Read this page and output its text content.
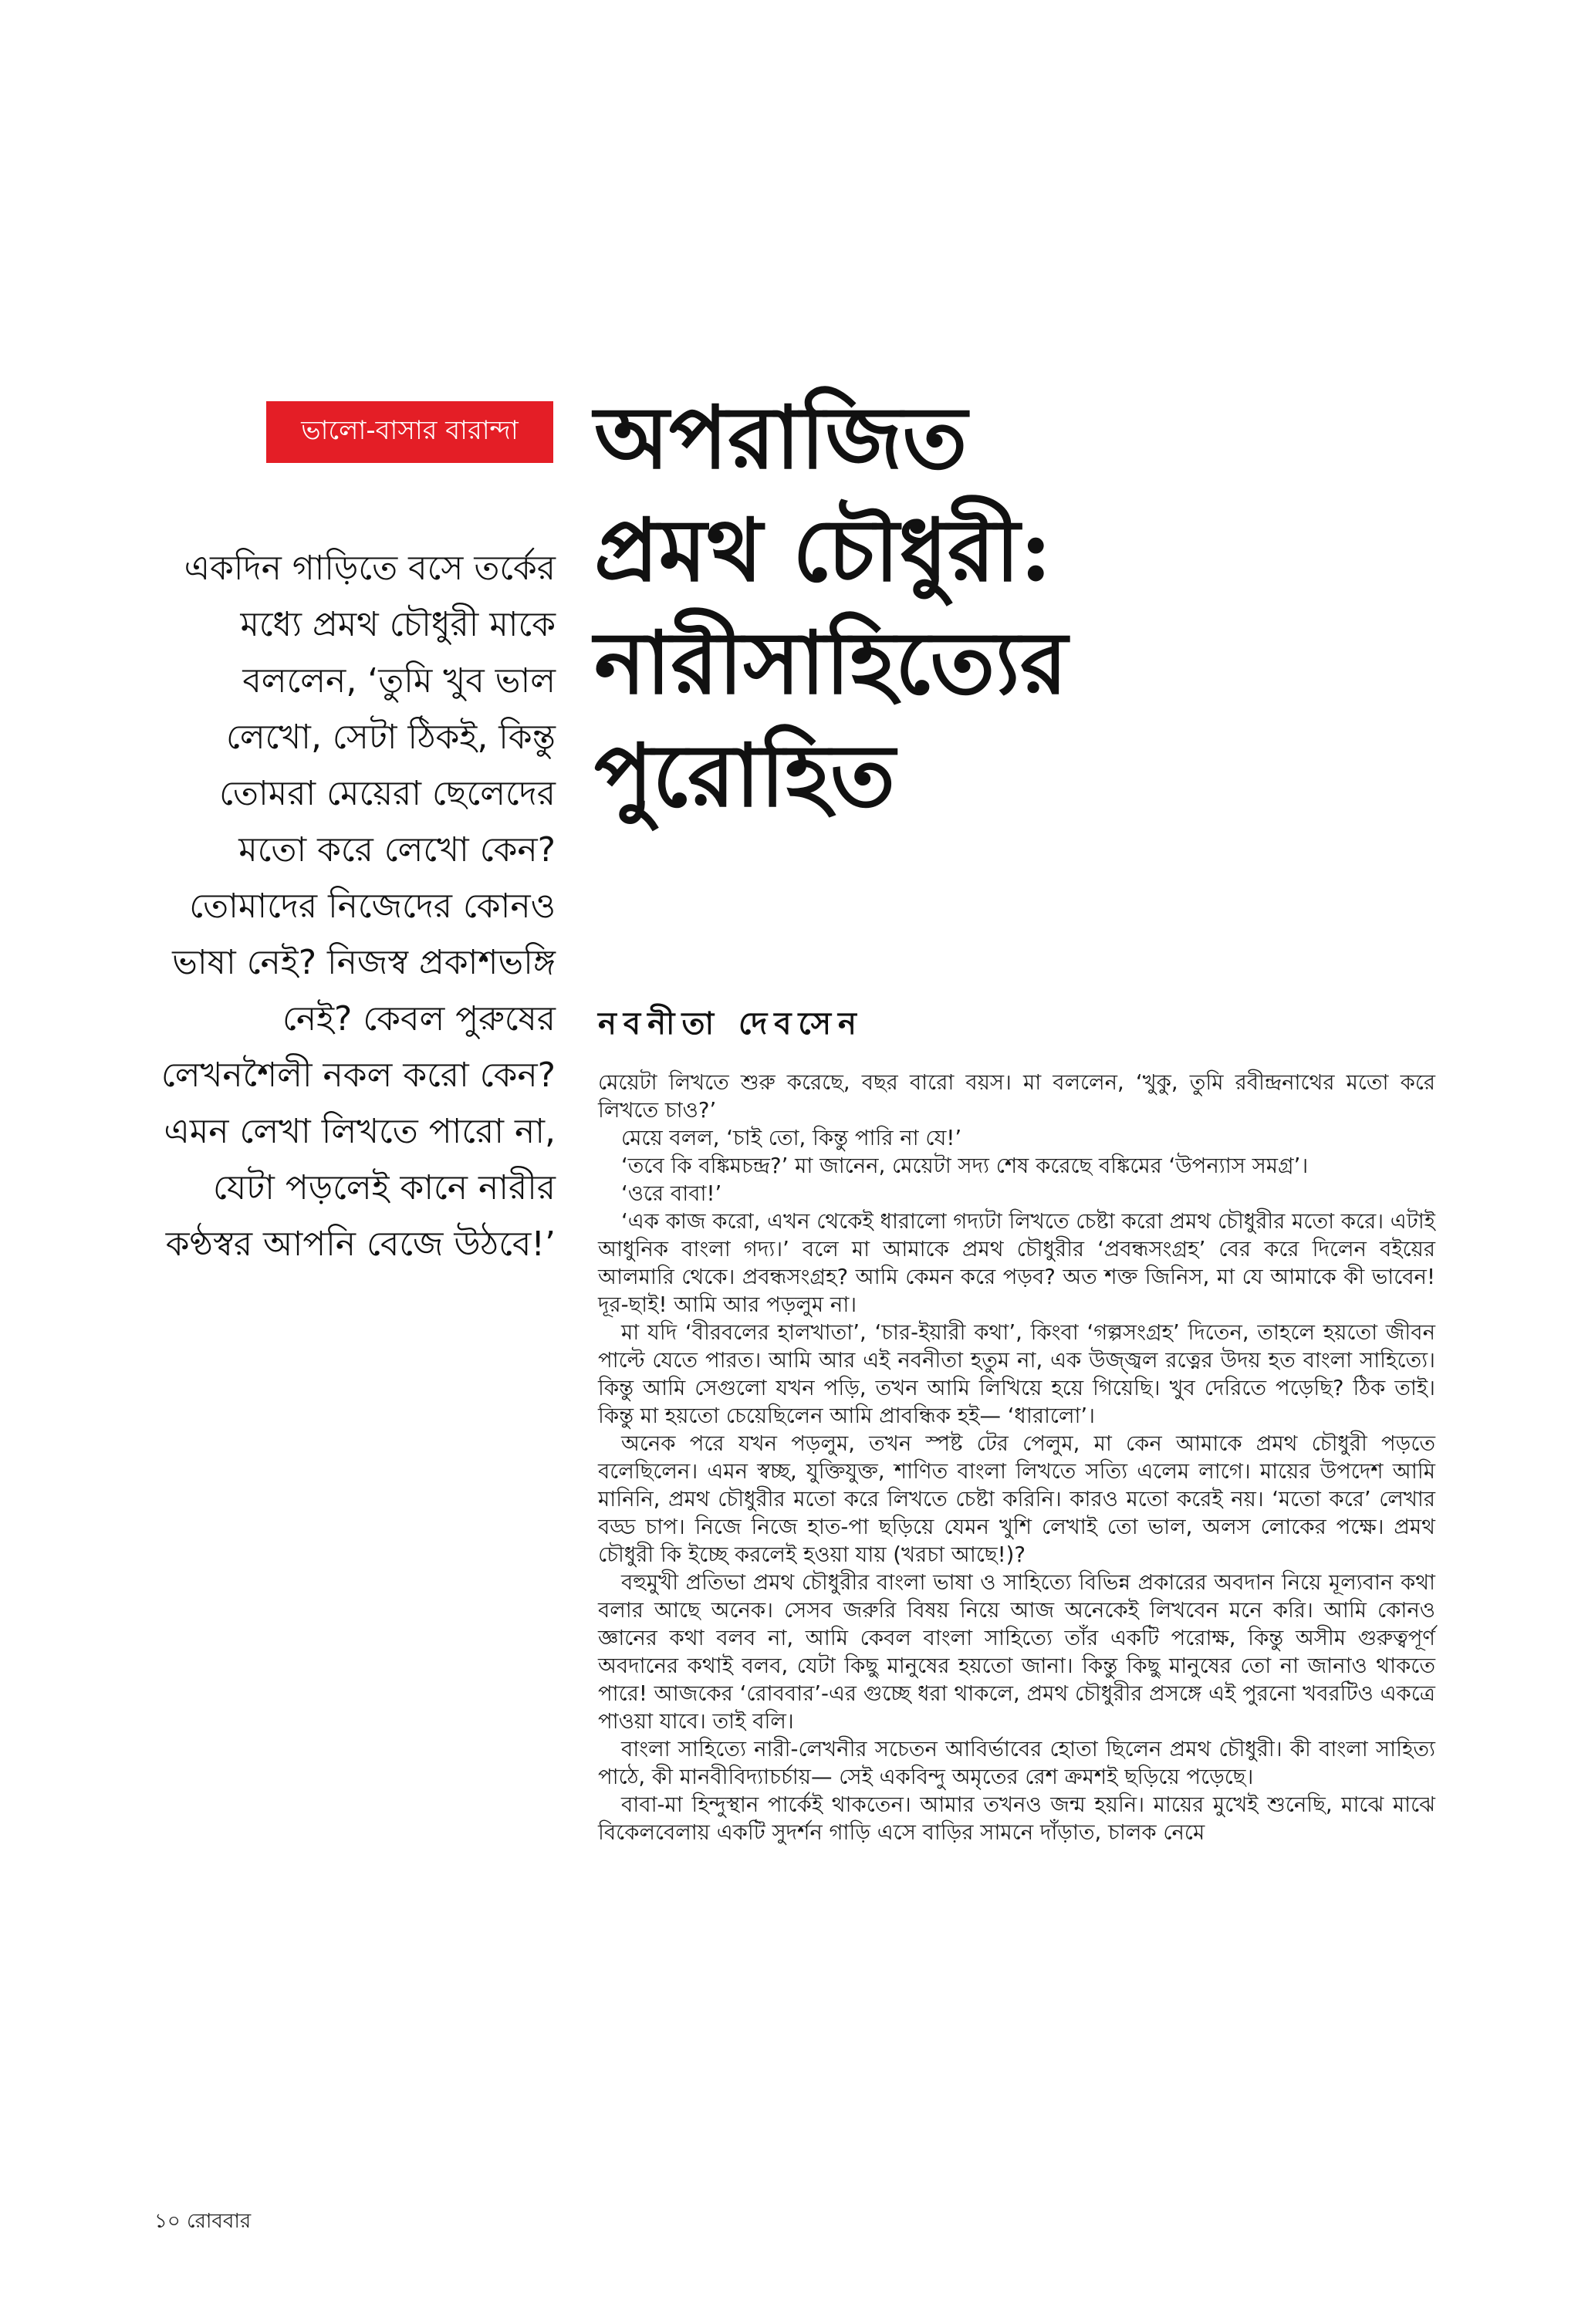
ভালো-বাসার বারান্দা
একদিন গাড়িতে বসে তর্কের মধ্যে প্রমথ চৌধুরী মাকে বললেন, ‘তুমি খুব ভাল লেখো, সেটা ঠিকই, কিন্তু তোমরা মেয়েরা ছেলেদের মতো করে লেখো কেন? তোমাদের নিজেদের কোনও ভাষা নেই? নিজস্ব প্রকাশভঙ্গি নেই? কেবল পুরুষের লেখনশৈলী নকল করো কেন? এমন লেখা লিখতে পারো না, যেটা পড়লেই কানে নারীর কণ্ঠস্বর আপনি বেজে উঠবে!’
অপরাজিত
প্রমথ চৌধুরী:
নারীসাহিত্যের
পুরোহিত
নবনীতা দেবসেন

মেয়েটা লিখতে শুরু করেছে, বছর বারো বয়স। মা বললেন, ‘খুকু, তুমি রবীন্দ্রনাথের মতো করে লিখতে চাও?’

মেয়ে বলল, ‘চাই তো, কিন্তু পারি না যে!’

‘তবে কি বঙ্কিমচন্দ্র?’ মা জানেন, মেয়েটা সদ্য শেষ করেছে বঙ্কিমের ‘উপন্যাস সমগ্র’।

‘ওরে বাবা!’

‘এক কাজ করো, এখন থেকেই ধারালো গদ্যটা লিখতে চেষ্টা করো প্রমথ চৌধুরীর মতো করে। এটাই আধুনিক বাংলা গদ্য।’ বলে মা আমাকে প্রমথ চৌধুরীর ‘প্রবন্ধসংগ্রহ’ বের করে দিলেন বইয়ের আলমারি থেকে। প্রবন্ধসংগ্রহ? আমি কেমন করে পড়ব? অত শক্ত জিনিস, মা যে আমাকে কী ভাবেন! দূর-ছাই! আমি আর পড়লুম না।

মা যদি ‘বীরবলের হালখাতা’, ‘চার-ইয়ারী কথা’, কিংবা ‘গল্পসংগ্রহ’ দিতেন, তাহলে হয়তো জীবন পাল্টে যেতে পারত। আমি আর এই নবনীতা হতুম না, এক উজ্জ্বল রত্নের উদয় হত বাংলা সাহিত্যে। কিন্তু আমি সেগুলো যখন পড়ি, তখন আমি লিখিয়ে হয়ে গিয়েছি। খুব দেরিতে পড়েছি? ঠিক তাই। কিন্তু মা হয়তো চেয়েছিলেন আমি প্রাবন্ধিক হই— ‘ধারালো’।

অনেক পরে যখন পড়লুম, তখন স্পষ্ট টের পেলুম, মা কেন আমাকে প্রমথ চৌধুরী পড়তে বলেছিলেন। এমন স্বচ্ছ, যুক্তিযুক্ত, শাণিত বাংলা লিখতে সত্যি এলেম লাগে। মায়ের উপদেশ আমি মানিনি, প্রমথ চৌধুরীর মতো করে লিখতে চেষ্টা করিনি। কারও মতো করেই নয়। ‘মতো করে’ লেখার বড্ড চাপ। নিজে নিজে হাত-পা ছড়িয়ে যেমন খুশি লেখাই তো ভাল, অলস লোকের পক্ষে। প্রমথ চৌধুরী কি ইচ্ছে করলেই হওয়া যায় (খরচা আছে!)?

বহুমুখী প্রতিভা প্রমথ চৌধুরীর বাংলা ভাষা ও সাহিত্যে বিভিন্ন প্রকারের অবদান নিয়ে মূল্যবান কথা বলার আছে অনেক। সেসব জরুরি বিষয় নিয়ে আজ অনেকেই লিখবেন মনে করি। আমি কোনও জ্ঞানের কথা বলব না, আমি কেবল বাংলা সাহিত্যে তাঁর একটি পরোক্ষ, কিন্তু অসীম গুরুত্বপূর্ণ অবদানের কথাই বলব, যেটা কিছু মানুষের হয়তো জানা। কিন্তু কিছু মানুষের তো না জানাও থাকতে পারে! আজকের ‘রোববার’-এর গুচ্ছে ধরা থাকলে, প্রমথ চৌধুরীর প্রসঙ্গে এই পুরনো খবরটিও একত্রে পাওয়া যাবে। তাই বলি।

বাংলা সাহিত্যে নারী-লেখনীর সচেতন আবির্ভাবের হোতা ছিলেন প্রমথ চৌধুরী। কী বাংলা সাহিত্য পাঠে, কী মানবীবিদ্যাচর্চায়— সেই একবিন্দু অমৃতের রেশ ক্রমশই ছড়িয়ে পড়েছে।

বাবা-মা হিন্দুস্থান পার্কেই থাকতেন। আমার তখনও জন্ম হয়নি। মায়ের মুখেই শুনেছি, মাঝে মাঝে বিকেলবেলায় একটি সুদর্শন গাড়ি এসে বাড়ির সামনে দাঁড়াত, চালক নেমে

১০ রোববার
